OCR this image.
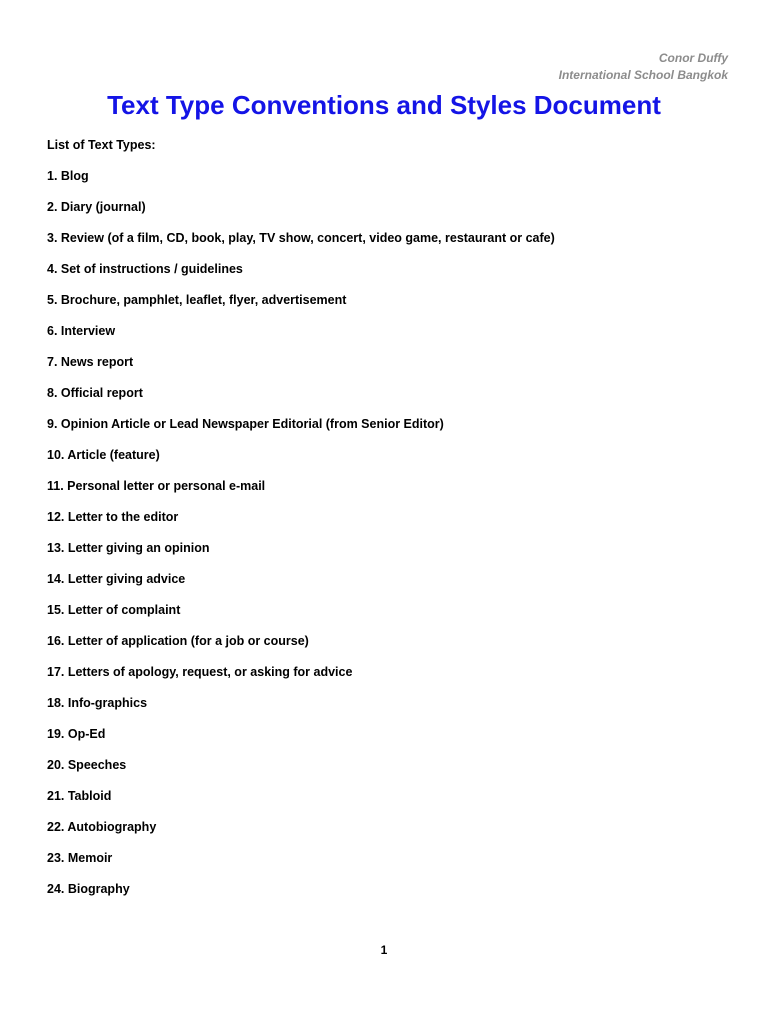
Conor Duffy
International School Bangkok
Text Type Conventions and Styles Document
List of Text Types:
1. Blog
2. Diary (journal)
3. Review (of a film, CD, book, play, TV show, concert, video game, restaurant or cafe)
4. Set of instructions / guidelines
5. Brochure, pamphlet, leaflet, flyer, advertisement
6. Interview
7. News report
8. Official report
9. Opinion Article or Lead Newspaper Editorial (from Senior Editor)
10. Article (feature)
11. Personal letter or personal e-mail
12. Letter to the editor
13. Letter giving an opinion
14. Letter giving advice
15. Letter of complaint
16. Letter of application (for a job or course)
17. Letters of apology, request, or asking for advice
18. Info-graphics
19. Op-Ed
20. Speeches
21. Tabloid
22. Autobiography
23. Memoir
24. Biography
1
